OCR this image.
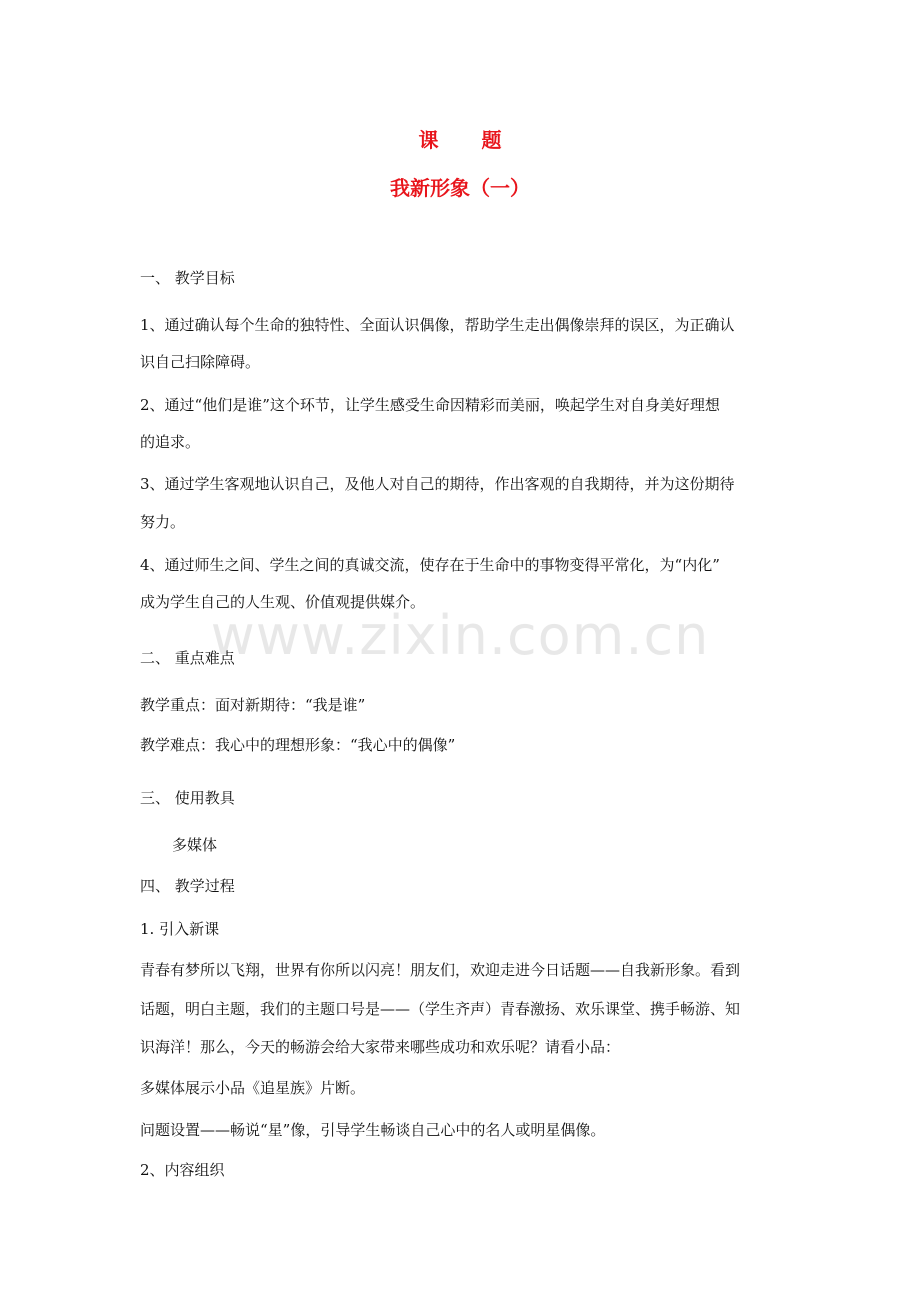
课 题
我新形象（一）
www.zixin.com.cn
一、 教学目标
1、通过确认每个生命的独特性、全面认识偶像，帮助学生走出偶像崇拜的误区，为正确认
识自己扫除障碍。
2、通过“他们是谁”这个环节，让学生感受生命因精彩而美丽，唤起学生对自身美好理想
的追求。
3、通过学生客观地认识自己，及他人对自己的期待，作出客观的自我期待，并为这份期待
努力。
4、通过师生之间、学生之间的真诚交流，使存在于生命中的事物变得平常化，为“内化”
成为学生自己的人生观、价值观提供媒介。
二、 重点难点
教学重点：面对新期待：“我是谁”
教学难点：我心中的理想形象：“我心中的偶像”
三、 使用教具
多媒体
四、 教学过程
1. 引入新课
青春有梦所以飞翔，世界有你所以闪亮！朋友们，欢迎走进今日话题——自我新形象。看到
话题，明白主题，我们的主题口号是——（学生齐声）青春激扬、欢乐课堂、携手畅游、知
识海洋！那么，今天的畅游会给大家带来哪些成功和欢乐呢？请看小品：
多媒体展示小品《追星族》片断。
问题设置——畅说“星”像，引导学生畅谈自己心中的名人或明星偶像。
2、内容组织
